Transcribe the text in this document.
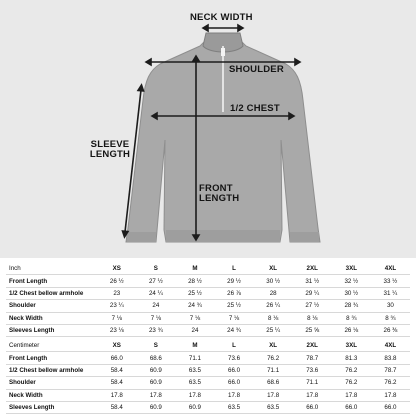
NECK WIDTH
SHOULDER
1/2 CHEST
SLEEVE
LENGTH
FRONT
LENGTH
Inch	XS	S	M	L	XL	2XL	3XL	4XL
Front Length	26 ½	27 ½	28 ½	29 ½	30 ½	31 ½	32 ½	33 ½
1/2 Chest bellow armhole	23	24 ¼	25 ½	26 ⅞	28	29 ¼	30 ½	31 ¼
Shoulder	23 ¼	24	24 ¾	25 ½	26 ¼	27 ½	28 ¾	30
Neck Width	7 ⅛	7 ⅛	7 ⅛	7 ⅛	8 ⅛	8 ⅛	8 ¾	8 ¾
Sleeves Length	23 ⅛	23 ¾	24	24 ¾	25 ¼	25 ⅝	26 ⅛	26 ⅜
Centimeter	XS	S	M	L	XL	2XL	3XL	4XL
Front Length	66.0	68.6	71.1	73.6	76.2	78.7	81.3	83.8
1/2 Chest bellow armhole	58.4	60.9	63.5	66.0	71.1	73.6	76.2	78.7
Shoulder	58.4	60.9	63.5	66.0	68.6	71.1	76.2	76.2
Neck Width	17.8	17.8	17.8	17.8	17.8	17.8	17.8	17.8
Sleeves Length	58.4	60.9	60.9	63.5	63.5	66.0	66.0	66.0
